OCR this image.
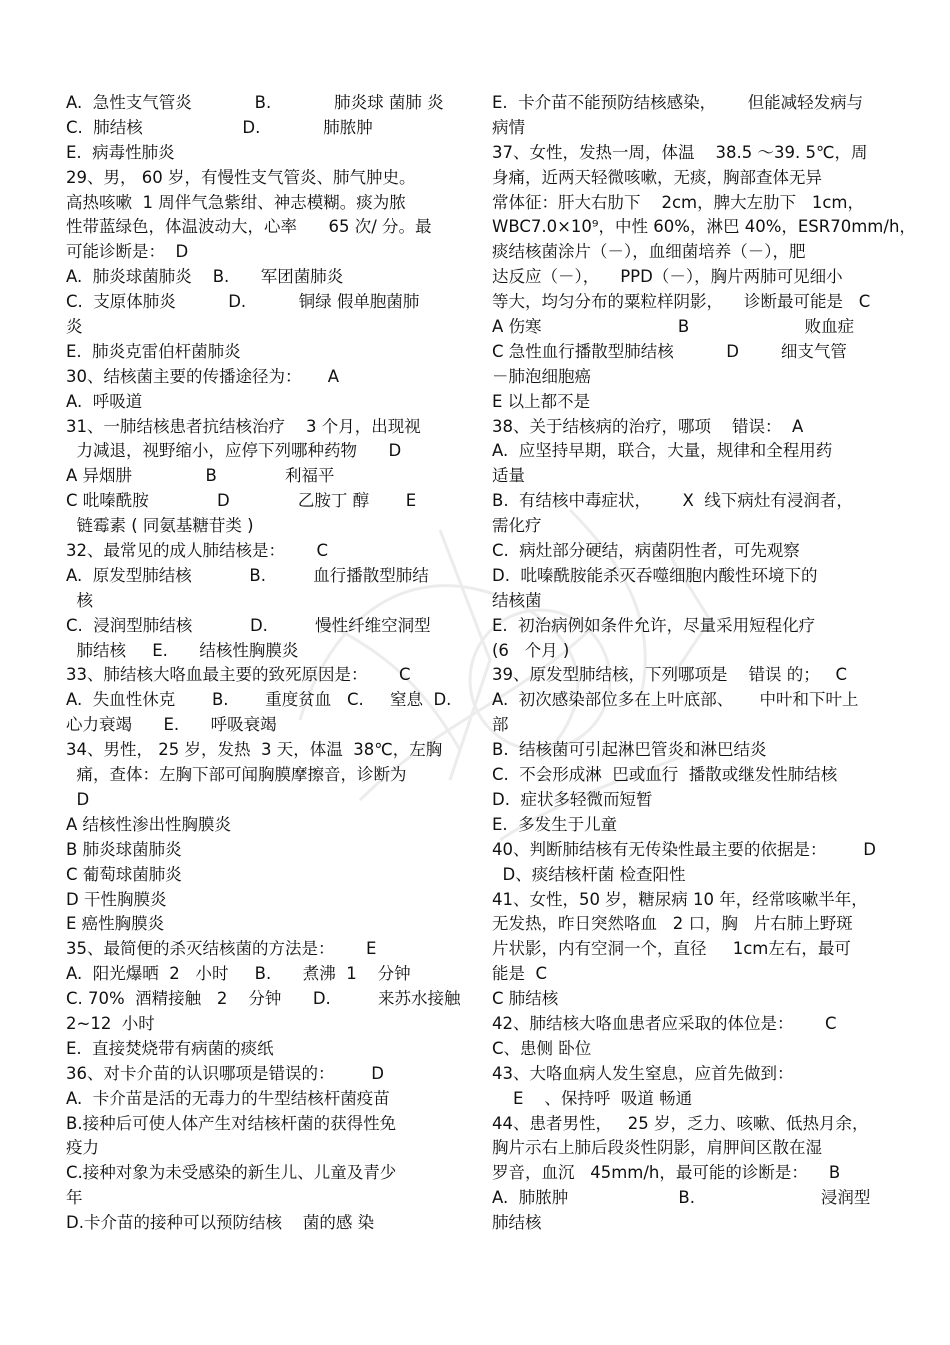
A.  急性支气管炎            B.            肺炎球 菌肺 炎
C.  肺结核                   D.            肺脓肿
E.  病毒性肺炎
29、男， 60 岁，有慢性支气管炎、肺气肿史。
高热咳嗽  1 周伴气急紫绀、神志模糊。痰为脓
性带蓝绿色，体温波动大，心率      65 次/ 分。最
可能诊断是：  D
A.  肺炎球菌肺炎    B.      军团菌肺炎
C.  支原体肺炎          D.          铜绿 假单胞菌肺
炎
E.  肺炎克雷伯杆菌肺炎
30、结核菌主要的传播途径为：     A
A.  呼吸道
31、一肺结核患者抗结核治疗    3 个月，出现视
力减退，视野缩小，应停下列哪种药物      D
A 异烟肼              B             利福平
C 吡嗪酰胺             D             乙胺丁 醇       E
链霉素 ( 同氨基糖苷类 )
32、最常见的成人肺结核是：      C
A.  原发型肺结核           B.         血行播散型肺结
核
C.  浸润型肺结核           D.         慢性纤维空洞型
肺结核     E.      结核性胸膜炎
33、肺结核大咯血最主要的致死原因是：      C
A.  失血性休克       B.       重度贫血   C.     窒息  D.
心力衰竭      E.      呼吸衰竭
34、男性， 25 岁，发热  3 天，体温  38℃，左胸
痛，查体：左胸下部可闻胸膜摩擦音，诊断为
D
A 结核性渗出性胸膜炎
B 肺炎球菌肺炎
C 葡萄球菌肺炎
D 干性胸膜炎
E 癌性胸膜炎
35、最简便的杀灭结核菌的方法是：      E
A.  阳光爆晒  2   小时     B.      煮沸  1    分钟
C. 70%  酒精接触   2    分钟      D.         来苏水接触
2~12  小时
E.  直接焚烧带有病菌的痰纸
36、对卡介苗的认识哪项是错误的：       D
A.  卡介苗是活的无毒力的牛型结核杆菌疫苗
B.接种后可使人体产生对结核杆菌的获得性免
疫力
C.接种对象为未受感染的新生儿、儿童及青少
年
D.卡介苗的接种可以预防结核    菌的感 染
E.  卡介苗不能预防结核感染，      但能减轻发病与
病情
37、女性，发热一周，体温    38.5 ～39. 5℃，周
身痛，近两天轻微咳嗽，无痰，胸部查体无异
常体征：肝大右肋下    2cm，脾大左肋下   1cm，
WBC7.0×10⁹，中性 60%，淋巴 40%，ESR70mm/h，
痰结核菌涂片（－），血细菌培养（－），肥
达反应（－），    PPD（－），胸片两肺可见细小
等大，均匀分布的粟粒样阴影，    诊断最可能是   C
A 伤寒                          B                      败血症
C 急性血行播散型肺结核          D        细支气管
－肺泡细胞癌
E 以上都不是
38、关于结核病的治疗，哪项    错误：  A
A.  应坚持早期，联合，大量，规律和全程用药
适量
B.  有结核中毒症状，      X  线下病灶有浸润者，
需化疗
C.  病灶部分硬结，病菌阴性者，可先观察
D.  吡嗪酰胺能杀灭吞噬细胞内酸性环境下的
结核菌
E.  初治病例如条件允许，尽量采用短程化疗
(6   个月 )
39、原发型肺结核，下列哪项是    错误 的；   C
A.  初次感染部位多在上叶底部、     中叶和下叶上
部
B.  结核菌可引起淋巴管炎和淋巴结炎
C.  不会形成淋  巴或血行  播散或继发性肺结核
D.  症状多轻微而短暂
E.  多发生于儿童
40、判断肺结核有无传染性最主要的依据是：       D
D、痰结核杆菌 检查阳性
41、女性，50 岁，糖尿病 10 年，经常咳嗽半年，
无发热，昨日突然咯血   2 口，胸   片右肺上野斑
片状影，内有空洞一个，直径     1cm左右，最可
能是  C
C 肺结核
42、肺结核大咯血患者应采取的体位是：      C
C、患侧 卧位
43、大咯血病人发生窒息，应首先做到：
E    、保持呼  吸道 畅通
44、患者男性，   25 岁，乏力、咳嗽、低热月余，
胸片示右上肺后段炎性阴影，肩胛间区散在湿
罗音，血沉   45mm/h，最可能的诊断是：    B
A.  肺脓肿                     B.                        浸润型
肺结核
